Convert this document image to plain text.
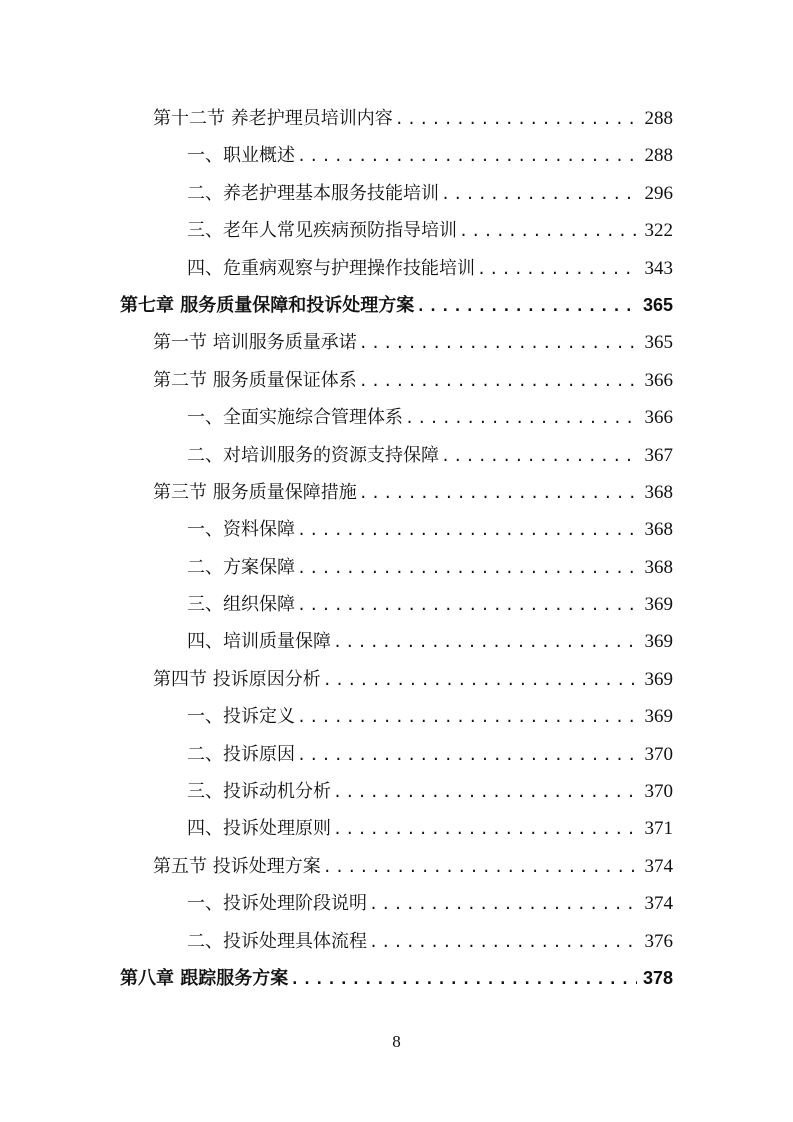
第十二节 养老护理员培训内容 .....	288
一、职业概述 .....	288
二、养老护理基本服务技能培训 .....	296
三、老年人常见疾病预防指导培训 .....	322
四、危重病观察与护理操作技能培训 .....	343
第七章 服务质量保障和投诉处理方案 .....	365
第一节 培训服务质量承诺 .....	365
第二节 服务质量保证体系 .....	366
一、全面实施综合管理体系 .....	366
二、对培训服务的资源支持保障 .....	367
第三节 服务质量保障措施 .....	368
一、资料保障 .....	368
二、方案保障 .....	368
三、组织保障 .....	369
四、培训质量保障 .....	369
第四节 投诉原因分析 .....	369
一、投诉定义 .....	369
二、投诉原因 .....	370
三、投诉动机分析 .....	370
四、投诉处理原则 .....	371
第五节 投诉处理方案 .....	374
一、投诉处理阶段说明 .....	374
二、投诉处理具体流程 .....	376
第八章 跟踪服务方案 .....	378
8
